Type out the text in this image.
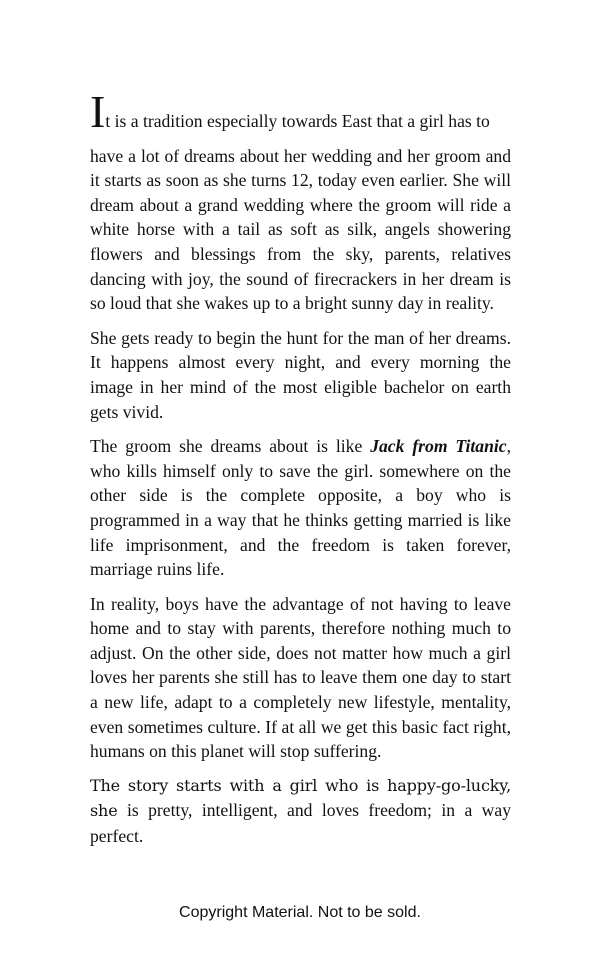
It is a tradition especially towards East that a girl has to
have a lot of dreams about her wedding and her groom and it starts as soon as she turns 12, today even earlier. She will dream about a grand wedding where the groom will ride a white horse with a tail as soft as silk, angels showering flowers and blessings from the sky, parents, relatives dancing with joy, the sound of firecrackers in her dream is so loud that she wakes up to a bright sunny day in reality.

She gets ready to begin the hunt for the man of her dreams. It happens almost every night, and every morning the image in her mind of the most eligible bachelor on earth gets vivid.

The groom she dreams about is like Jack from Titanic, who kills himself only to save the girl. somewhere on the other side is the complete opposite, a boy who is programmed in a way that he thinks getting married is like life imprisonment, and the freedom is taken forever, marriage ruins life.

In reality, boys have the advantage of not having to leave home and to stay with parents, therefore nothing much to adjust. On the other side, does not matter how much a girl loves her parents she still has to leave them one day to start a new life, adapt to a completely new lifestyle, mentality, even sometimes culture. If at all we get this basic fact right, humans on this planet will stop suffering.

The story starts with a girl who is happy-go-lucky, she is pretty, intelligent, and loves freedom; in a way perfect.

Copyright Material. Not to be sold.
